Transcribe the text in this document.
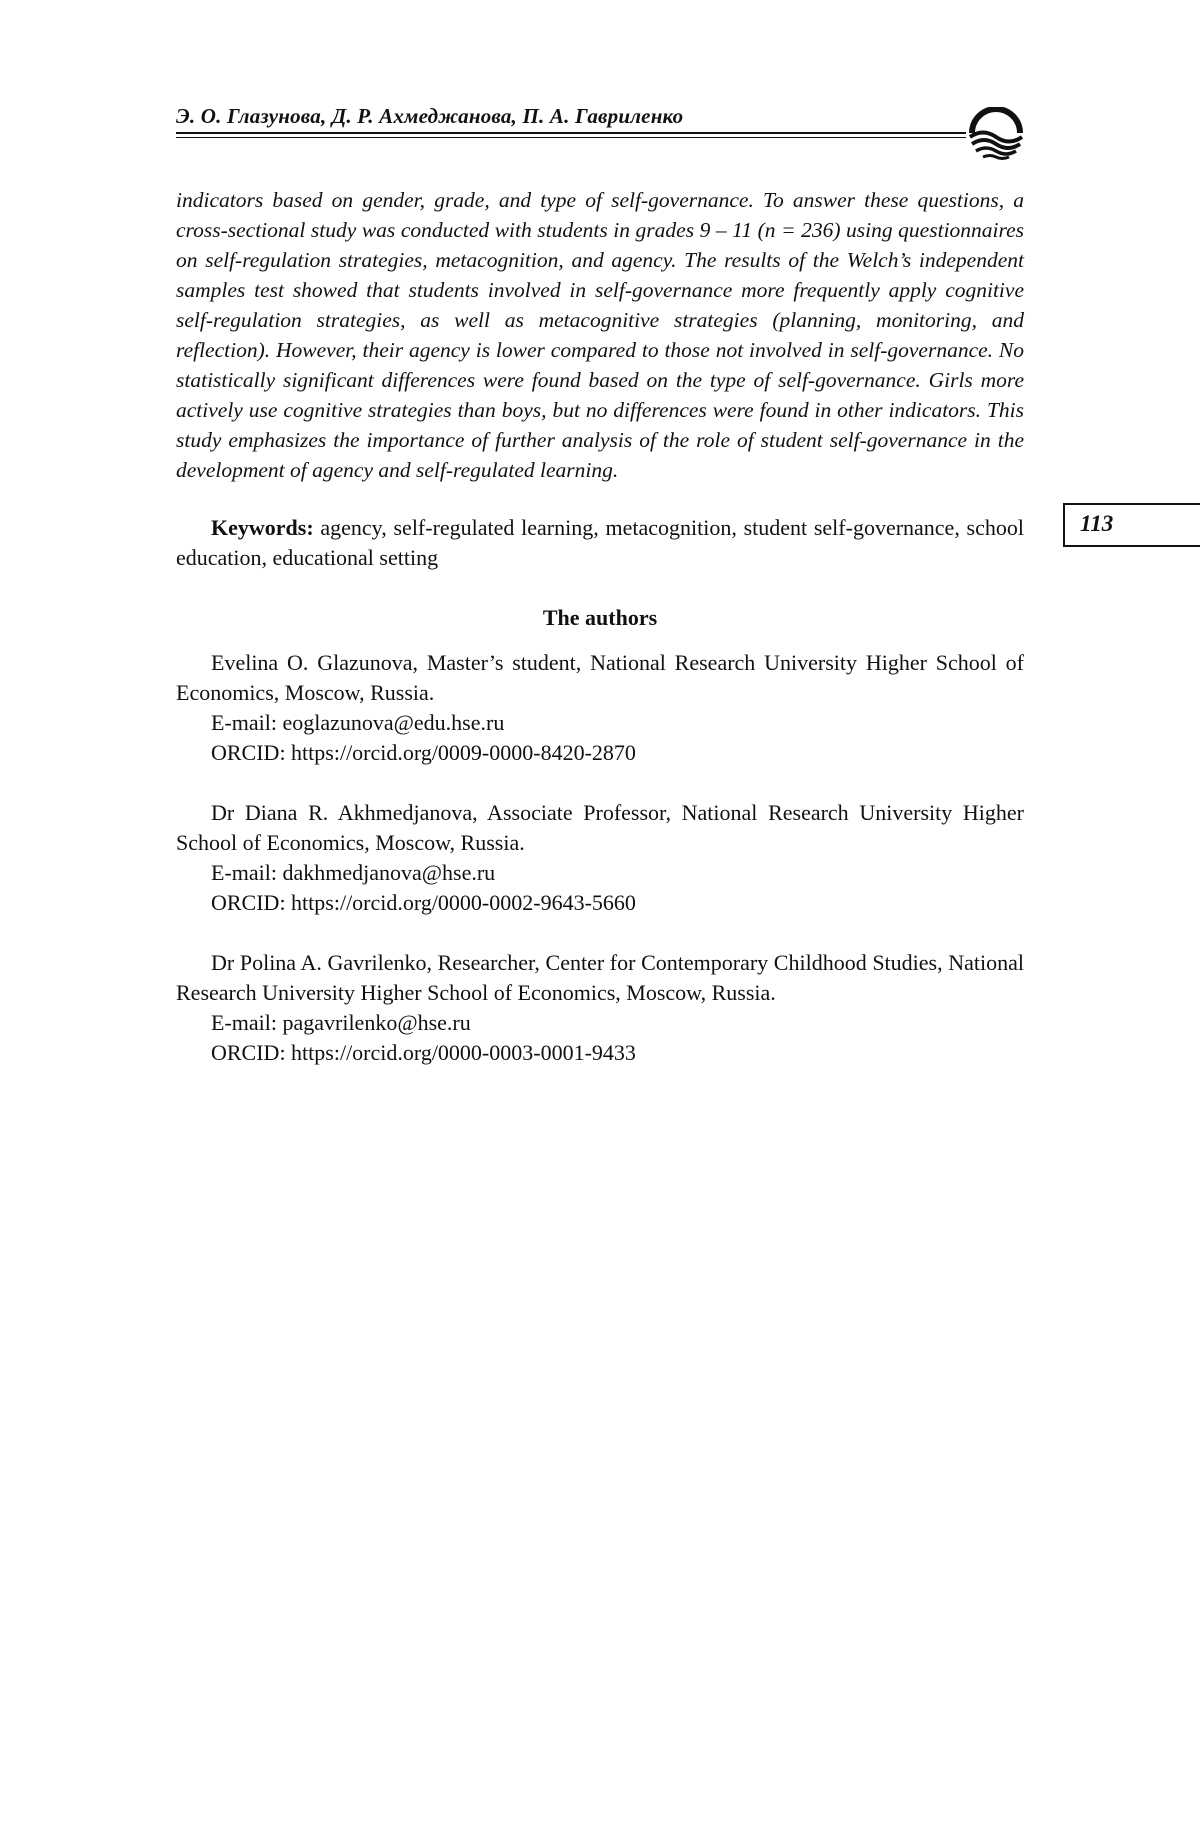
Э. О. Глазунова, Д. Р. Ахмеджанова, П. А. Гавриленко

indicators based on gender, grade, and type of self-governance. To answer these questions, a cross-sectional study was conducted with students in grades 9 – 11 (n = 236) using questionnaires on self-regulation strategies, metacognition, and agency. The results of the Welch’s independent samples test showed that students involved in self-governance more frequently apply cognitive self-regulation strategies, as well as metacognitive strategies (planning, monitoring, and reflection). However, their agency is lower compared to those not involved in self-governance. No statistically significant differences were found based on the type of self-governance. Girls more actively use cognitive strategies than boys, but no differences were found in other indicators. This study emphasizes the importance of further analysis of the role of student self-governance in the development of agency and self-regulated learning.

Keywords: agency, self-regulated learning, metacognition, student self-governance, school education, educational setting

113
The authors

Evelina O. Glazunova, Master’s student, National Research University Higher School of Economics, Moscow, Russia.

E-mail: eoglazunova@edu.hse.ru

ORCID: https://orcid.org/0009-0000-8420-2870

Dr Diana R. Akhmedjanova, Associate Professor, National Research University Higher School of Economics, Moscow, Russia.

E-mail: dakhmedjanova@hse.ru

ORCID: https://orcid.org/0000-0002-9643-5660

Dr Polina A. Gavrilenko, Researcher, Center for Contemporary Childhood Studies, National Research University Higher School of Economics, Moscow, Russia.

E-mail: pagavrilenko@hse.ru

ORCID: https://orcid.org/0000-0003-0001-9433
